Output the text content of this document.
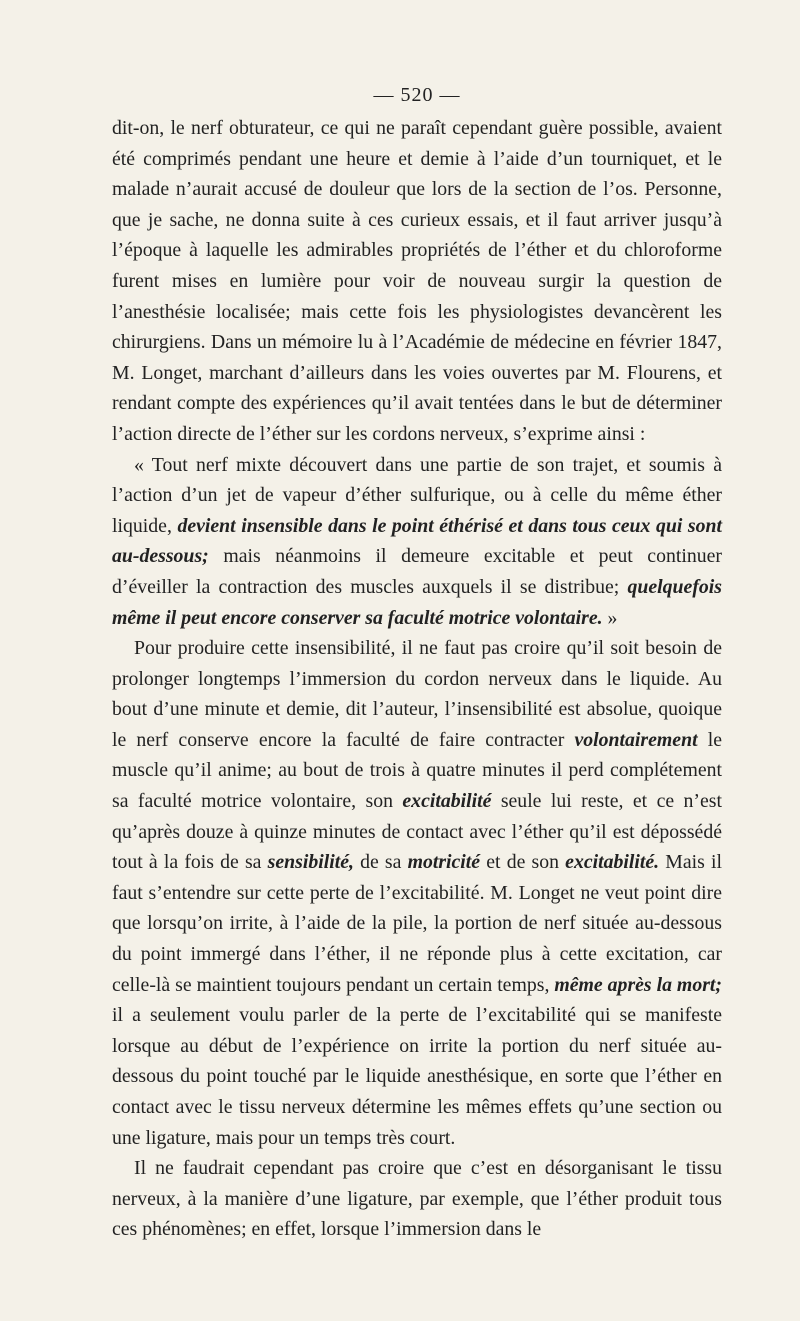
— 520 —

dit-on, le nerf obturateur, ce qui ne paraît cependant guère possible, avaient été comprimés pendant une heure et demie à l’aide d’un tourniquet, et le malade n’aurait accusé de douleur que lors de la section de l’os. Personne, que je sache, ne donna suite à ces curieux essais, et il faut arriver jusqu’à l’époque à laquelle les admirables propriétés de l’éther et du chloroforme furent mises en lumière pour voir de nouveau surgir la question de l’anesthésie localisée; mais cette fois les physiologistes devancèrent les chirurgiens. Dans un mémoire lu à l’Académie de médecine en février 1847, M. Longet, marchant d’ailleurs dans les voies ouvertes par M. Flourens, et rendant compte des expériences qu’il avait tentées dans le but de déterminer l’action directe de l’éther sur les cordons nerveux, s’exprime ainsi :

« Tout nerf mixte découvert dans une partie de son trajet, et soumis à l’action d’un jet de vapeur d’éther sulfurique, ou à celle du même éther liquide, devient insensible dans le point éthérisé et dans tous ceux qui sont au-dessous; mais néanmoins il demeure excitable et peut continuer d’éveiller la contraction des muscles auxquels il se distribue; quelquefois même il peut encore conserver sa faculté motrice volontaire. »

Pour produire cette insensibilité, il ne faut pas croire qu’il soit besoin de prolonger longtemps l’immersion du cordon nerveux dans le liquide. Au bout d’une minute et demie, dit l’auteur, l’insensibilité est absolue, quoique le nerf conserve encore la faculté de faire contracter volontairement le muscle qu’il anime; au bout de trois à quatre minutes il perd complétement sa faculté motrice volontaire, son excitabilité seule lui reste, et ce n’est qu’après douze à quinze minutes de contact avec l’éther qu’il est dépossédé tout à la fois de sa sensibilité, de sa motricité et de son excitabilité. Mais il faut s’entendre sur cette perte de l’excitabilité. M. Longet ne veut point dire que lorsqu’on irrite, à l’aide de la pile, la portion de nerf située au-dessous du point immergé dans l’éther, il ne réponde plus à cette excitation, car celle-là se maintient toujours pendant un certain temps, même après la mort; il a seulement voulu parler de la perte de l’excitabilité qui se manifeste lorsque au début de l’expérience on irrite la portion du nerf située au-dessous du point touché par le liquide anesthésique, en sorte que l’éther en contact avec le tissu nerveux détermine les mêmes effets qu’une section ou une ligature, mais pour un temps très court.

Il ne faudrait cependant pas croire que c’est en désorganisant le tissu nerveux, à la manière d’une ligature, par exemple, que l’éther produit tous ces phénomènes; en effet, lorsque l’immersion dans le
